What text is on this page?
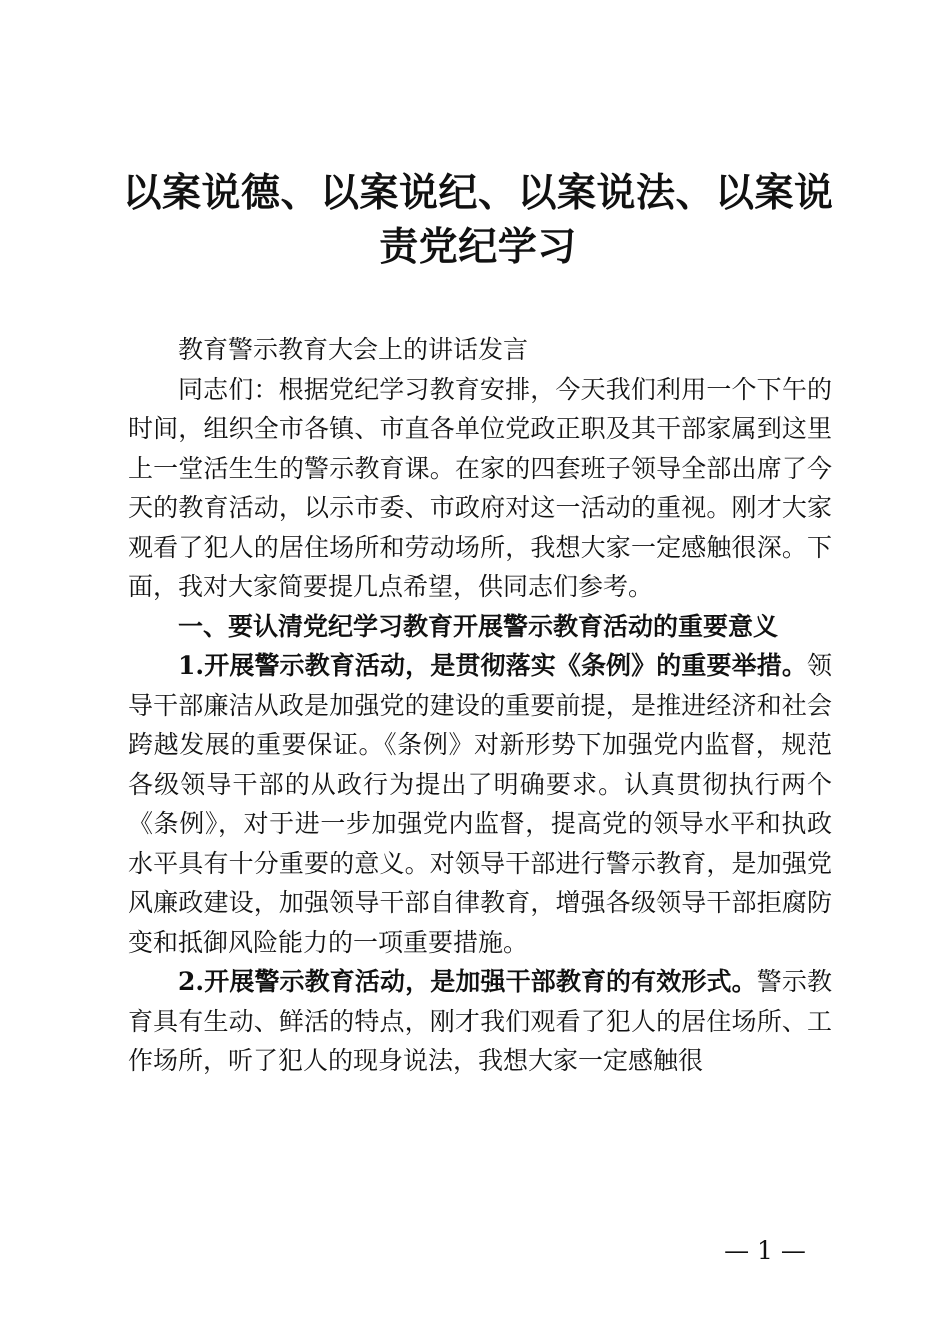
以案说德、以案说纪、以案说法、以案说责党纪学习

教育警示教育大会上的讲话发言

同志们：根据党纪学习教育安排，今天我们利用一个下午的时间，组织全市各镇、市直各单位党政正职及其干部家属到这里上一堂活生生的警示教育课。在家的四套班子领导全部出席了今天的教育活动，以示市委、市政府对这一活动的重视。刚才大家观看了犯人的居住场所和劳动场所，我想大家一定感触很深。下面，我对大家简要提几点希望，供同志们参考。

一、要认清党纪学习教育开展警示教育活动的重要意义

1.开展警示教育活动，是贯彻落实《条例》的重要举措。领导干部廉洁从政是加强党的建设的重要前提，是推进经济和社会跨越发展的重要保证。《条例》对新形势下加强党内监督，规范各级领导干部的从政行为提出了明确要求。认真贯彻执行两个《条例》，对于进一步加强党内监督，提高党的领导水平和执政水平具有十分重要的意义。对领导干部进行警示教育，是加强党风廉政建设，加强领导干部自律教育，增强各级领导干部拒腐防变和抵御风险能力的一项重要措施。

2.开展警示教育活动，是加强干部教育的有效形式。警示教育具有生动、鲜活的特点，刚才我们观看了犯人的居住场所、工作场所，听了犯人的现身说法，我想大家一定感触很

— 1 —
